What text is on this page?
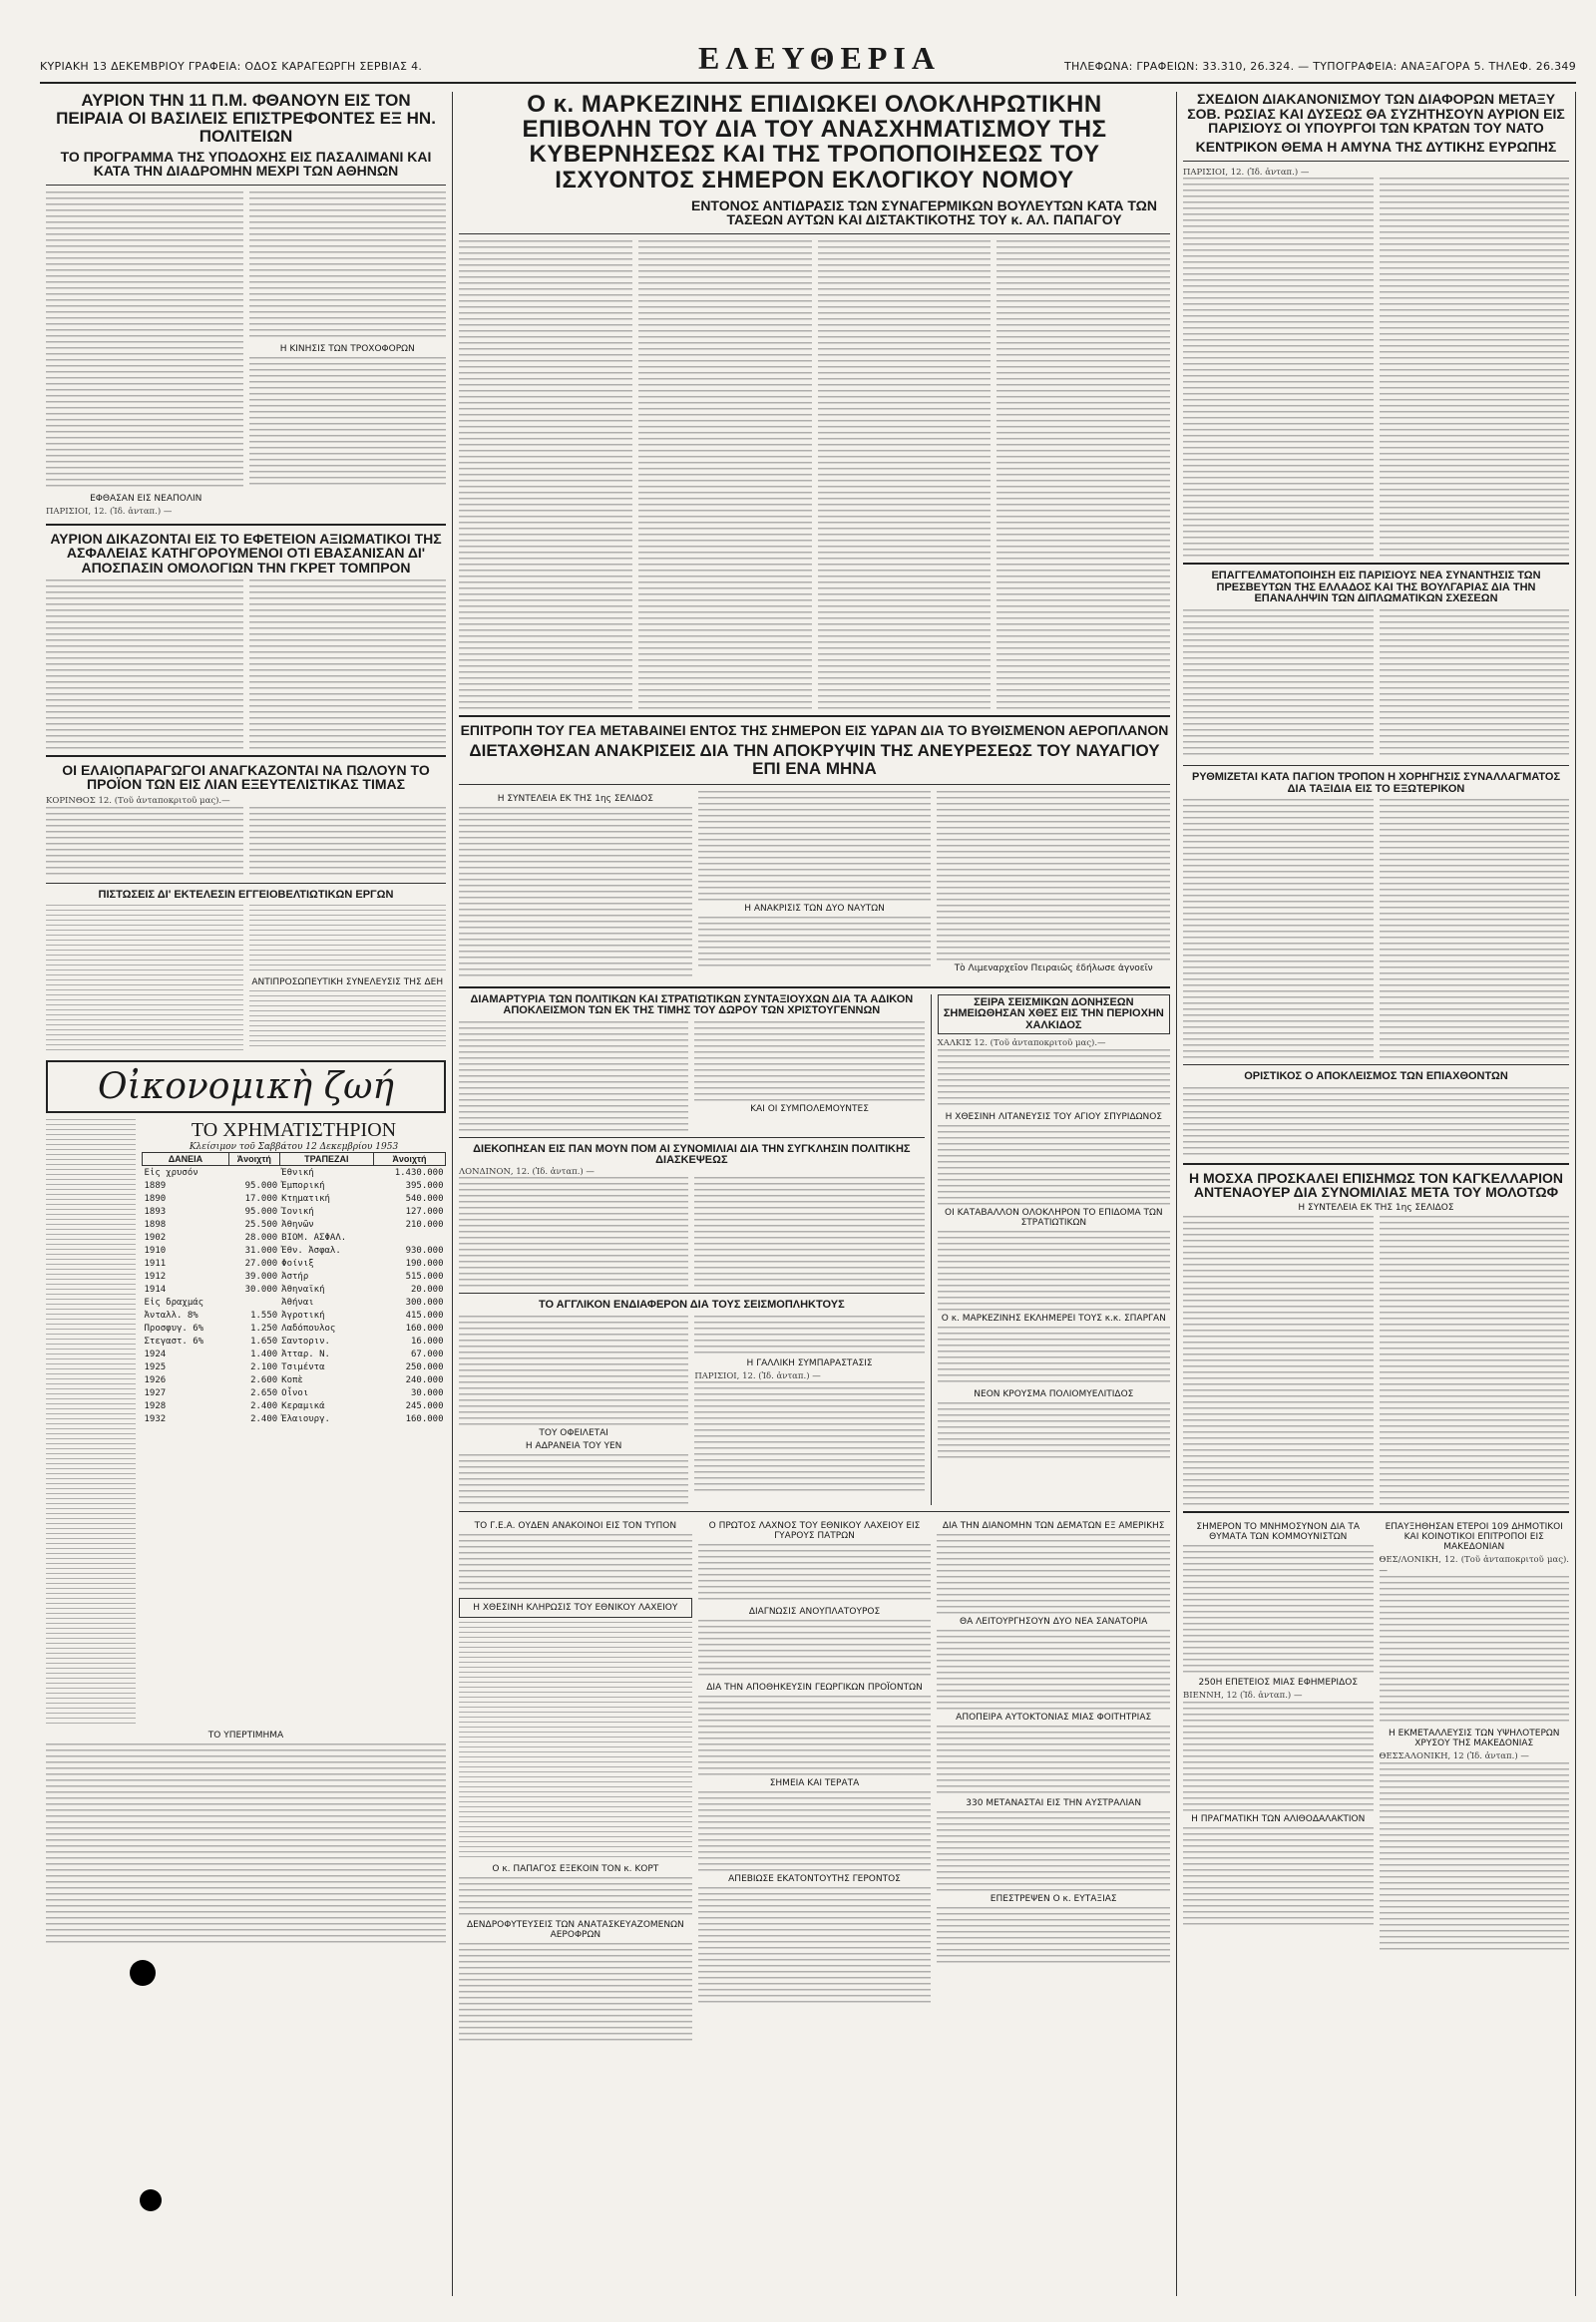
ΚΥΡΙΑΚΗ 13 ΔΕΚΕΜΒΡΙΟΥ ΓΡΑΦΕΙΑ: ΟΔΟΣ ΚΑΡΑΓΕΩΡΓΗ ΣΕΡΒΙΑΣ 4.	ΕΛΕΥΘΕΡΙΑ	ΤΗΛΕΦΩΝΑ: ΓΡΑΦΕΙΩΝ: 33.310, 26.324. — ΤΥΠΟΓΡΑΦΕΙΑ: ΑΝΑΞΑΓΟΡΑ 5. ΤΗΛΕΦ. 26.349
ΑΥΡΙΟΝ ΤΗΝ 11 Π.Μ. ΦΘΑΝΟΥΝ ΕΙΣ ΤΟΝ ΠΕΙΡΑΙΑ ΟΙ ΒΑΣΙΛΕΙΣ ΕΠΙΣΤΡΕΦΟΝΤΕΣ ΕΞ ΗΝ. ΠΟΛΙΤΕΙΩΝ
ΤΟ ΠΡΟΓΡΑΜΜΑ ΤΗΣ ΥΠΟΔΟΧΗΣ ΕΙΣ ΠΑΣΑΛΙΜΑΝΙ ΚΑΙ ΚΑΤΑ ΤΗΝ ΔΙΑΔΡΟΜΗΝ ΜΕΧΡΙ ΤΩΝ ΑΘΗΝΩΝ
Η ΚΙΝΗΣΙΣ ΤΩΝ ΤΡΟΧΟΦΟΡΩΝ
ΕΦΘΑΣΑΝ ΕΙΣ ΝΕΑΠΟΛΙΝ
ΠΑΡΙΣΙΟΙ, 12. (Ἰδ. ἀνταπ.) —
ΑΥΡΙΟΝ ΔΙΚΑΖΟΝΤΑΙ ΕΙΣ ΤΟ ΕΦΕΤΕΙΟΝ ΑΞΙΩΜΑΤΙΚΟΙ ΤΗΣ ΑΣΦΑΛΕΙΑΣ ΚΑΤΗΓΟΡΟΥΜΕΝΟΙ ΟΤΙ ΕΒΑΣΑΝΙΣΑΝ ΔΙ' ΑΠΟΣΠΑΣΙΝ ΟΜΟΛΟΓΙΩΝ ΤΗΝ ΓΚΡΕΤ ΤΟΜΠΡΟΝ
ΟΙ ΕΛΑΙΟΠΑΡΑΓΩΓΟΙ ΑΝΑΓΚΑΖΟΝΤΑΙ ΝΑ ΠΩΛΟΥΝ ΤΟ ΠΡΟΪΟΝ ΤΩΝ ΕΙΣ ΛΙΑΝ ΕΞΕΥΤΕΛΙΣΤΙΚΑΣ ΤΙΜΑΣ
ΚΟΡΙΝΘΟΣ 12. (Τοῦ ἀνταποκριτοῦ μας).—
ΠΙΣΤΩΣΕΙΣ ΔΙ' ΕΚΤΕΛΕΣΙΝ ΕΓΓΕΙΟΒΕΛΤΙΩΤΙΚΩΝ ΕΡΓΩΝ
ΑΝΤΙΠΡΟΣΩΠΕΥΤΙΚΗ ΣΥΝΕΛΕΥΣΙΣ ΤΗΣ ΔΕΗ
Οἰκονομικὴ ζωή
ΤΟ ΧΡΗΜΑΤΙΣΤΗΡΙΟΝ
Κλείσιμον τοῦ Σαββάτου 12 Δεκεμβρίου 1953
ΔΑΝΕΙΑ	Ἀνοιχτή	ΤΡΑΠΕΖΑΙ	Ἀνοιχτή
Εἰς χρυσόν		Ἐθνική	1.430.000
1889	95.000	Ἐμπορική	395.000
1890	17.000	Κτηματική	540.000
1893	95.000	Ἰονική	127.000
1898	25.500	Ἀθηνῶν	210.000
1902	28.000	ΒΙΟΜ. ΑΣΦΑΛ.	
1910	31.000	Ἐθν. Ἀσφαλ.	930.000
1911	27.000	Φοίνιξ	190.000
1912	39.000	Ἀστήρ	515.000
1914	30.000	Ἀθηναϊκή	20.000
Εἰς δραχμάς		Ἀθήναι	300.000
Ἀνταλλ. 8%	1.550	Ἀγροτική	415.000
Προσφυγ. 6%	1.250	Λαδόπουλος	160.000
Στεγαστ. 6%	1.650	Σαντοριν.	16.000
1924	1.400	Ἀτταρ. Ν.	67.000
1925	2.100	Τσιμέντα	250.000
1926	2.600	Κοπὲ	240.000
1927	2.650	Οἶνοι	30.000
1928	2.400	Κεραμικά	245.000
1932	2.400	Ἐλαιουργ.	160.000
ΤΟ ΥΠΕΡΤΙΜΗΜΑ
Ο κ. ΜΑΡΚΕΖΙΝΗΣ ΕΠΙΔΙΩΚΕΙ ΟΛΟΚΛΗΡΩΤΙΚΗΝ ΕΠΙΒΟΛΗΝ ΤΟΥ ΔΙΑ ΤΟΥ ΑΝΑΣΧΗΜΑΤΙΣΜΟΥ ΤΗΣ ΚΥΒΕΡΝΗΣΕΩΣ ΚΑΙ ΤΗΣ ΤΡΟΠΟΠΟΙΗΣΕΩΣ ΤΟΥ ΙΣΧΥΟΝΤΟΣ ΣΗΜΕΡΟΝ ΕΚΛΟΓΙΚΟΥ ΝΟΜΟΥ
ΕΝΤΟΝΟΣ ΑΝΤΙΔΡΑΣΙΣ ΤΩΝ ΣΥΝΑΓΕΡΜΙΚΩΝ ΒΟΥΛΕΥΤΩΝ ΚΑΤΑ ΤΩΝ ΤΑΣΕΩΝ ΑΥΤΩΝ ΚΑΙ ΔΙΣΤΑΚΤΙΚΟΤΗΣ ΤΟΥ κ. ΑΛ. ΠΑΠΑΓΟΥ
ΕΠΙΤΡΟΠΗ ΤΟΥ ΓΕΑ ΜΕΤΑΒΑΙΝΕΙ ΕΝΤΟΣ ΤΗΣ ΣΗΜΕΡΟΝ ΕΙΣ ΥΔΡΑΝ ΔΙΑ ΤΟ ΒΥΘΙΣΜΕΝΟΝ ΑΕΡΟΠΛΑΝΟΝ
ΔΙΕΤΑΧΘΗΣΑΝ ΑΝΑΚΡΙΣΕΙΣ ΔΙΑ ΤΗΝ ΑΠΟΚΡΥΨΙΝ ΤΗΣ ΑΝΕΥΡΕΣΕΩΣ ΤΟΥ ΝΑΥΑΓΙΟΥ ΕΠΙ ΕΝΑ ΜΗΝΑ
Η ΣΥΝΤΕΛΕΙΑ ΕΚ ΤΗΣ 1ης ΣΕΛΙΔΟΣ
Η ΑΝΑΚΡΙΣΙΣ ΤΩΝ ΔΥΟ ΝΑΥΤΩΝ
Τὸ Λιμεναρχεῖον Πειραιῶς ἐδήλωσε ἀγνοεῖν
ΔΙΑΜΑΡΤΥΡΙΑ ΤΩΝ ΠΟΛΙΤΙΚΩΝ ΚΑΙ ΣΤΡΑΤΙΩΤΙΚΩΝ ΣΥΝΤΑΞΙΟΥΧΩΝ ΔΙΑ ΤΑ ΑΔΙΚΟΝ ΑΠΟΚΛΕΙΣΜΟΝ ΤΩΝ ΕΚ ΤΗΣ ΤΙΜΗΣ ΤΟΥ ΔΩΡΟΥ ΤΩΝ ΧΡΙΣΤΟΥΓΕΝΝΩΝ
ΚΑΙ ΟΙ ΣΥΜΠΟΛΕΜΟΥΝΤΕΣ
ΔΙΕΚΟΠΗΣΑΝ ΕΙΣ ΠΑΝ ΜΟΥΝ ΠΟΜ ΑΙ ΣΥΝΟΜΙΛΙΑΙ ΔΙΑ ΤΗΝ ΣΥΓΚΛΗΣΙΝ ΠΟΛΙΤΙΚΗΣ ΔΙΑΣΚΕΨΕΩΣ
ΛΟΝΔΙΝΟΝ, 12. (Ἰδ. ἀνταπ.) —
ΤΟ ΑΓΓΛΙΚΟΝ ΕΝΔΙΑΦΕΡΟΝ ΔΙΑ ΤΟΥΣ ΣΕΙΣΜΟΠΛΗΚΤΟΥΣ
ΤΟΥ ΟΦΕΙΛΕΤΑΙ
Η ΑΔΡΑΝΕΙΑ ΤΟΥ ΥΕΝ
Η ΓΑΛΛΙΚΗ ΣΥΜΠΑΡΑΣΤΑΣΙΣ
ΠΑΡΙΣΙΟΙ, 12. (Ἰδ. ἀνταπ.) —
ΣΕΙΡΑ ΣΕΙΣΜΙΚΩΝ ΔΟΝΗΣΕΩΝ ΣΗΜΕΙΩΘΗΣΑΝ ΧΘΕΣ ΕΙΣ ΤΗΝ ΠΕΡΙΟΧΗΝ ΧΑΛΚΙΔΟΣ
ΧΑΛΚΙΣ 12. (Τοῦ ἀνταποκριτοῦ μας).—
Η ΧΘΕΣΙΝΗ ΛΙΤΑΝΕΥΣΙΣ ΤΟΥ ΑΓΙΟΥ ΣΠΥΡΙΔΩΝΟΣ
ΟΙ ΚΑΤΑΒΑΛΛΟΝ ΟΛΟΚΛΗΡΟΝ ΤΟ ΕΠΙΔΟΜΑ ΤΩΝ ΣΤΡΑΤΙΩΤΙΚΩΝ
Ο κ. ΜΑΡΚΕΖΙΝΗΣ ΕΚΛΗΜΕΡΕΙ ΤΟΥΣ κ.κ. ΣΠΑΡΓΑΝ
ΝΕΟΝ ΚΡΟΥΣΜΑ ΠΟΛΙΟΜΥΕΛΙΤΙΔΟΣ
ΤΟ Γ.Ε.Α. ΟΥΔΕΝ ΑΝΑΚΟΙΝΟΙ ΕΙΣ ΤΟΝ ΤΥΠΟΝ
Η ΧΘΕΣΙΝΗ ΚΛΗΡΩΣΙΣ ΤΟΥ ΕΘΝΙΚΟΥ ΛΑΧΕΙΟΥ
Ο κ. ΠΑΠΑΓΟΣ ΕΞΕΚΟΙΝ ΤΟΝ κ. ΚΟΡΤ
ΔΕΝΔΡΟΦΥΤΕΥΣΕΙΣ ΤΩΝ ΑΝΑΤΑΣΚΕΥΑΖΟΜΕΝΩΝ ΑΕΡΟΦΡΩΝ
Ο ΠΡΩΤΟΣ ΛΑΧΝΟΣ ΤΟΥ ΕΘΝΙΚΟΥ ΛΑΧΕΙΟΥ ΕΙΣ ΓΥΑΡΟΥΣ ΠΑΤΡΩΝ
ΔΙΑΓΝΩΣΙΣ ΑΝΟΥΠΛΑΤΟΥΡΟΣ
ΔΙΑ ΤΗΝ ΑΠΟΘΗΚΕΥΣΙΝ ΓΕΩΡΓΙΚΩΝ ΠΡΟΪΟΝΤΩΝ
ΣΗΜΕΙΑ ΚΑΙ ΤΕΡΑΤΑ
ΑΠΕΒΙΩΣΕ ΕΚΑΤΟΝΤΟΥΤΗΣ ΓΕΡΟΝΤΟΣ
ΔΙΑ ΤΗΝ ΔΙΑΝΟΜΗΝ ΤΩΝ ΔΕΜΑΤΩΝ ΕΞ ΑΜΕΡΙΚΗΣ
ΘΑ ΛΕΙΤΟΥΡΓΗΣΟΥΝ ΔΥΟ ΝΕΑ ΣΑΝΑΤΟΡΙΑ
ΑΠΟΠΕΙΡΑ ΑΥΤΟΚΤΟΝΙΑΣ ΜΙΑΣ ΦΟΙΤΗΤΡΙΑΣ
330 ΜΕΤΑΝΑΣΤΑΙ ΕΙΣ ΤΗΝ ΑΥΣΤΡΑΛΙΑΝ
ΕΠΕΣΤΡΕΨΕΝ Ο κ. ΕΥΤΑΞΙΑΣ
ΣΧΕΔΙΟΝ ΔΙΑΚΑΝΟΝΙΣΜΟΥ ΤΩΝ ΔΙΑΦΟΡΩΝ ΜΕΤΑΞΥ ΣΟΒ. ΡΩΣΙΑΣ ΚΑΙ ΔΥΣΕΩΣ ΘΑ ΣΥΖΗΤΗΣΟΥΝ ΑΥΡΙΟΝ ΕΙΣ ΠΑΡΙΣΙΟΥΣ ΟΙ ΥΠΟΥΡΓΟΙ ΤΩΝ ΚΡΑΤΩΝ ΤΟΥ ΝΑΤΟ
ΚΕΝΤΡΙΚΟΝ ΘΕΜΑ Η ΑΜΥΝΑ ΤΗΣ ΔΥΤΙΚΗΣ ΕΥΡΩΠΗΣ
ΠΑΡΙΣΙΟΙ, 12. (Ἰδ. ἀνταπ.) —
ΕΠΑΓΓΕΛΜΑΤΟΠΟΙΗΣΗ ΕΙΣ ΠΑΡΙΣΙΟΥΣ ΝΕΑ ΣΥΝΑΝΤΗΣΙΣ ΤΩΝ ΠΡΕΣΒΕΥΤΩΝ ΤΗΣ ΕΛΛΑΔΟΣ ΚΑΙ ΤΗΣ ΒΟΥΛΓΑΡΙΑΣ ΔΙΑ ΤΗΝ ΕΠΑΝΑΛΗΨΙΝ ΤΩΝ ΔΙΠΛΩΜΑΤΙΚΩΝ ΣΧΕΣΕΩΝ
ΡΥΘΜΙΖΕΤΑΙ ΚΑΤΑ ΠΑΓΙΟΝ ΤΡΟΠΟΝ Η ΧΟΡΗΓΗΣΙΣ ΣΥΝΑΛΛΑΓΜΑΤΟΣ ΔΙΑ ΤΑΞΙΔΙΑ ΕΙΣ ΤΟ ΕΞΩΤΕΡΙΚΟΝ
ΟΡΙΣΤΙΚΟΣ Ο ΑΠΟΚΛΕΙΣΜΟΣ ΤΩΝ ΕΠΙΑΧΘΟΝΤΩΝ
Η ΜΟΣΧΑ ΠΡΟΣΚΑΛΕΙ ΕΠΙΣΗΜΩΣ ΤΟΝ ΚΑΓΚΕΛΛΑΡΙΟΝ ΑΝΤΕΝΑΟΥΕΡ ΔΙΑ ΣΥΝΟΜΙΛΙΑΣ ΜΕΤΑ ΤΟΥ ΜΟΛΟΤΩΦ
Η ΣΥΝΤΕΛΕΙΑ ΕΚ ΤΗΣ 1ης ΣΕΛΙΔΟΣ
ΣΗΜΕΡΟΝ ΤΟ ΜΝΗΜΟΣΥΝΟΝ ΔΙΑ ΤΑ ΘΥΜΑΤΑ ΤΩΝ ΚΟΜΜΟΥΝΙΣΤΩΝ
250Η ΕΠΕΤΕΙΟΣ ΜΙΑΣ ΕΦΗΜΕΡΙΔΟΣ
ΒΙΕΝΝΗ, 12 (Ἰδ. ἀνταπ.) —
Η ΠΡΑΓΜΑΤΙΚΗ ΤΩΝ ΑΛΙΘΟΔΑΛΑΚΤΙΟΝ
ΕΠΑΥΞΗΘΗΣΑΝ ΕΤΕΡΟΙ 109 ΔΗΜΟΤΙΚΟΙ ΚΑΙ ΚΟΙΝΟΤΙΚΟΙ ΕΠΙΤΡΟΠΟΙ ΕΙΣ ΜΑΚΕΔΟΝΙΑΝ
ΘΕΣ/ΛΟΝΙΚΗ, 12. (Τοῦ ἀνταποκριτοῦ μας).—
Η ΕΚΜΕΤΑΛΛΕΥΣΙΣ ΤΩΝ ΥΨΗΛΟΤΕΡΩΝ ΧΡΥΣΟΥ ΤΗΣ ΜΑΚΕΔΟΝΙΑΣ
ΘΕΣΣΑΛΟΝΙΚΗ, 12 (Ἰδ. ἀνταπ.) —
